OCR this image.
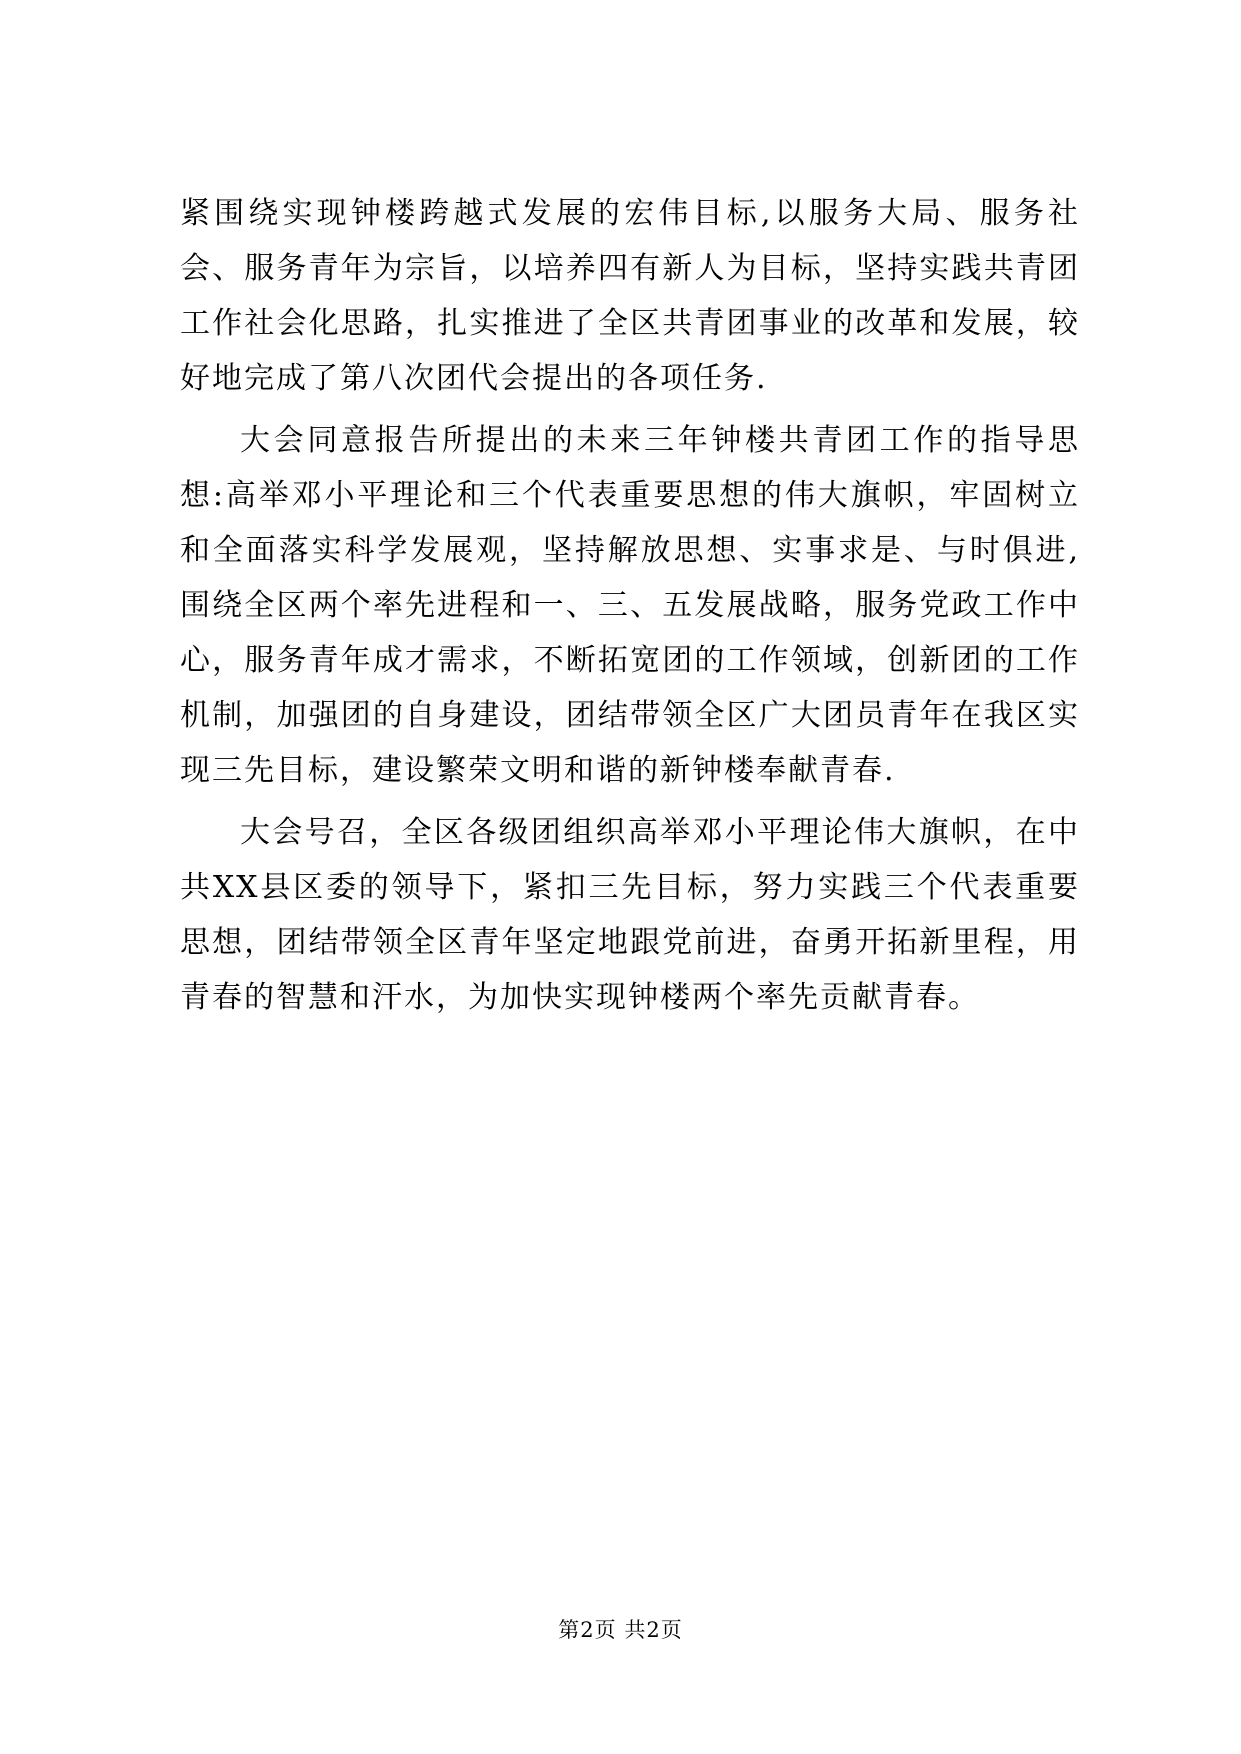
紧围绕实现钟楼跨越式发展的宏伟目标,以服务大局、服务社会、服务青年为宗旨，以培养四有新人为目标，坚持实践共青团工作社会化思路，扎实推进了全区共青团事业的改革和发展，较好地完成了第八次团代会提出的各项任务.

大会同意报告所提出的未来三年钟楼共青团工作的指导思想:高举邓小平理论和三个代表重要思想的伟大旗帜，牢固树立和全面落实科学发展观，坚持解放思想、实事求是、与时俱进,围绕全区两个率先进程和一、三、五发展战略，服务党政工作中心，服务青年成才需求，不断拓宽团的工作领域，创新团的工作机制，加强团的自身建设，团结带领全区广大团员青年在我区实现三先目标，建设繁荣文明和谐的新钟楼奉献青春.

大会号召，全区各级团组织高举邓小平理论伟大旗帜，在中共XX县区委的领导下，紧扣三先目标，努力实践三个代表重要思想，团结带领全区青年坚定地跟党前进，奋勇开拓新里程，用青春的智慧和汗水，为加快实现钟楼两个率先贡献青春。

第2页 共2页
